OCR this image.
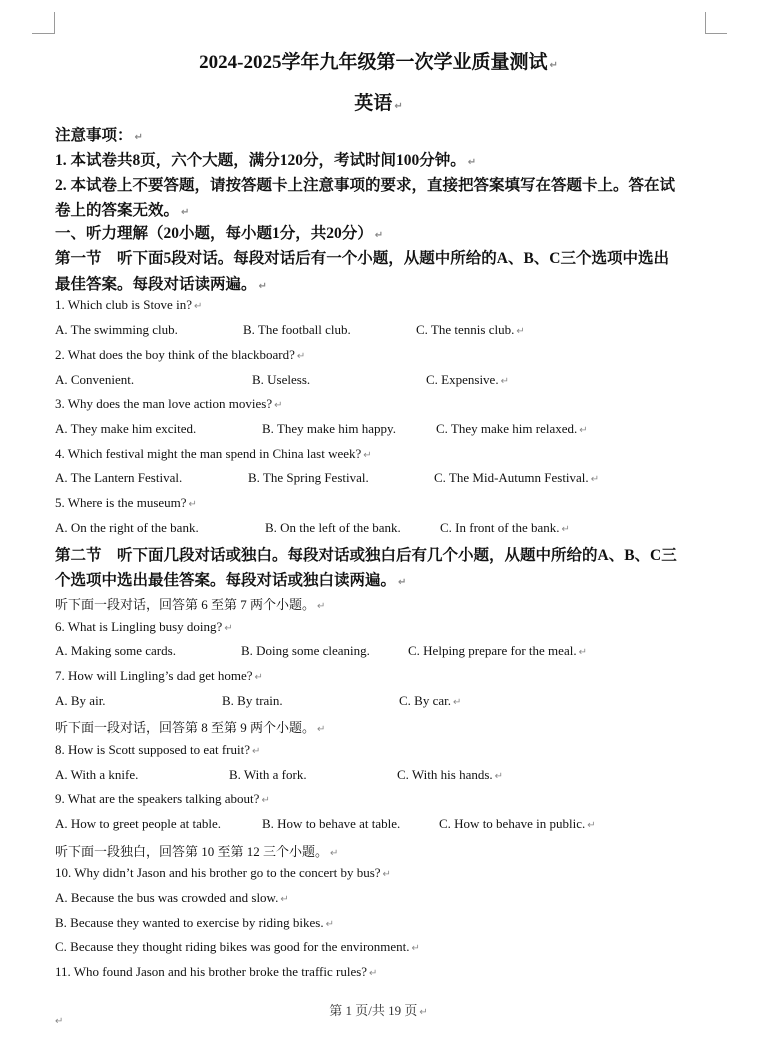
2024-2025学年九年级第一次学业质量测试 ↵
英语 ↵
注意事项： ↵
1. 本试卷共8页，六个大题，满分120分，考试时间100分钟。 ↵
2. 本试卷上不要答题，请按答题卡上注意事项的要求，直接把答案填写在答题卡上。答在试
卷上的答案无效。 ↵
一、听力理解（20小题，每小题1分，共20分） ↵
第一节　听下面5段对话。每段对话后有一个小题，从题中所给的A、B、C三个选项中选出
最佳答案。每段对话读两遍。 ↵
1. Which club is Stove in? ↵
A. The swimming club.	B. The football club.	C. The tennis club. ↵
2. What does the boy think of the blackboard? ↵
A. Convenient.	B. Useless.	C. Expensive. ↵
3. Why does the man love action movies? ↵
A. They make him excited.	B. They make him happy.	C. They make him relaxed. ↵
4. Which festival might the man spend in China last week? ↵
A. The Lantern Festival.	B. The Spring Festival.	C. The Mid-Autumn Festival. ↵
5. Where is the museum? ↵
A. On the right of the bank.	B. On the left of the bank.	C. In front of the bank. ↵
第二节　听下面几段对话或独白。每段对话或独白后有几个小题，从题中所给的A、B、C三
个选项中选出最佳答案。每段对话或独白读两遍。 ↵
听下面一段对话，回答第 6 至第 7 两个小题。 ↵
6. What is Lingling busy doing? ↵
A. Making some cards.	B. Doing some cleaning.	C. Helping prepare for the meal. ↵
7. How will Lingling’s dad get home? ↵
A. By air.	B. By train.	C. By car. ↵
听下面一段对话，回答第 8 至第 9 两个小题。 ↵
8. How is Scott supposed to eat fruit? ↵
A. With a knife.	B. With a fork.	C. With his hands. ↵
9. What are the speakers talking about? ↵
A. How to greet people at table.	B. How to behave at table.	C. How to behave in public. ↵
听下面一段独白，回答第 10 至第 12 三个小题。 ↵
10. Why didn’t Jason and his brother go to the concert by bus? ↵
A. Because the bus was crowded and slow. ↵
B. Because they wanted to exercise by riding bikes. ↵
C. Because they thought riding bikes was good for the environment. ↵
11. Who found Jason and his brother broke the traffic rules? ↵
第 1 页/共 19 页 ↵
↵
